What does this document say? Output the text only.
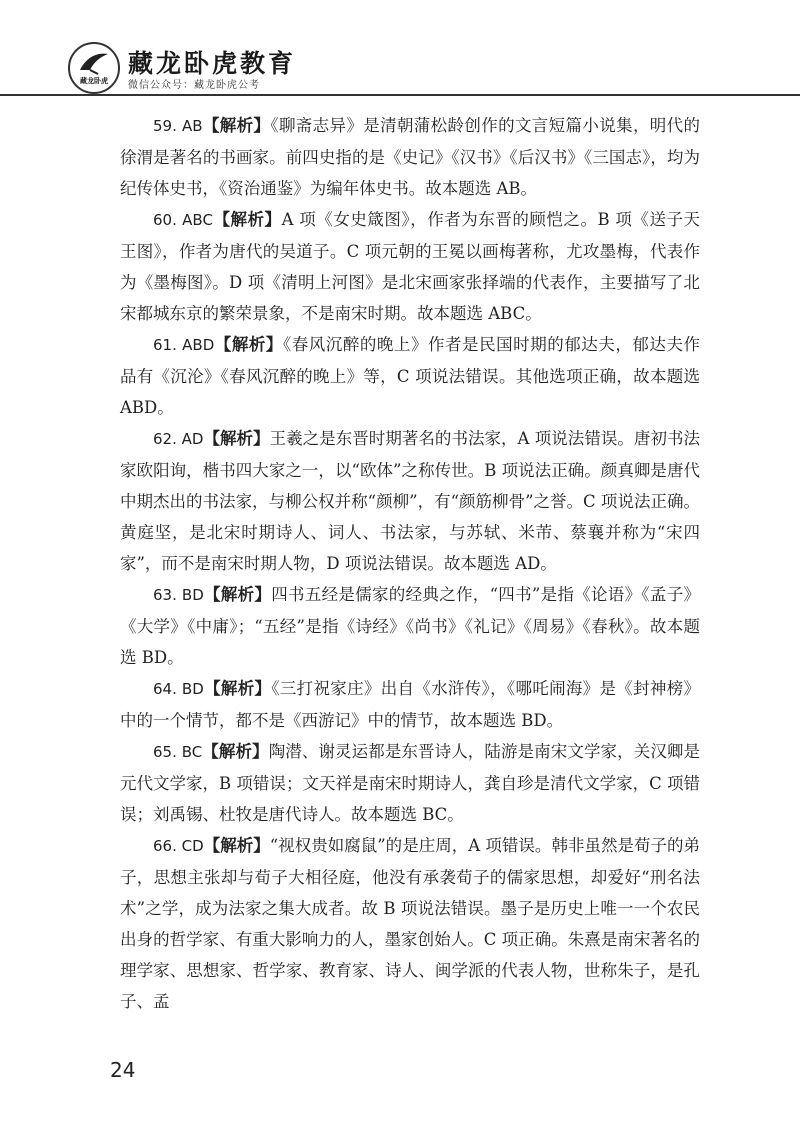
藏龙卧虎
藏龙卧虎教育
微信公众号：藏龙卧虎公考

59. AB【解析】《聊斋志异》是清朝蒲松龄创作的文言短篇小说集，明代的徐渭是著名的书画家。前四史指的是《史记》《汉书》《后汉书》《三国志》，均为纪传体史书，《资治通鉴》为编年体史书。故本题选 AB。

60. ABC【解析】A 项《女史箴图》，作者为东晋的顾恺之。B 项《送子天王图》，作者为唐代的吴道子。C 项元朝的王冕以画梅著称，尤攻墨梅，代表作为《墨梅图》。D 项《清明上河图》是北宋画家张择端的代表作，主要描写了北宋都城东京的繁荣景象，不是南宋时期。故本题选 ABC。

61. ABD【解析】《春风沉醉的晚上》作者是民国时期的郁达夫，郁达夫作品有《沉沦》《春风沉醉的晚上》等，C 项说法错误。其他选项正确，故本题选 ABD。

62. AD【解析】王羲之是东晋时期著名的书法家，A 项说法错误。唐初书法家欧阳询，楷书四大家之一，以“欧体”之称传世。B 项说法正确。颜真卿是唐代中期杰出的书法家，与柳公权并称“颜柳”，有“颜筋柳骨”之誉。C 项说法正确。黄庭坚，是北宋时期诗人、词人、书法家，与苏轼、米芾、蔡襄并称为“宋四家”，而不是南宋时期人物，D 项说法错误。故本题选 AD。

63. BD【解析】四书五经是儒家的经典之作，“四书”是指《论语》《孟子》《大学》《中庸》；“五经”是指《诗经》《尚书》《礼记》《周易》《春秋》。故本题选 BD。

64. BD【解析】《三打祝家庄》出自《水浒传》，《哪吒闹海》是《封神榜》中的一个情节，都不是《西游记》中的情节，故本题选 BD。

65. BC【解析】陶潜、谢灵运都是东晋诗人，陆游是南宋文学家，关汉卿是元代文学家，B 项错误；文天祥是南宋时期诗人，龚自珍是清代文学家，C 项错误；刘禹锡、杜牧是唐代诗人。故本题选 BC。

66. CD【解析】“视权贵如腐鼠”的是庄周，A 项错误。韩非虽然是荀子的弟子，思想主张却与荀子大相径庭，他没有承袭荀子的儒家思想，却爱好“刑名法术”之学，成为法家之集大成者。故 B 项说法错误。墨子是历史上唯一一个农民出身的哲学家、有重大影响力的人，墨家创始人。C 项正确。朱熹是南宋著名的理学家、思想家、哲学家、教育家、诗人、闽学派的代表人物，世称朱子，是孔子、孟

24
